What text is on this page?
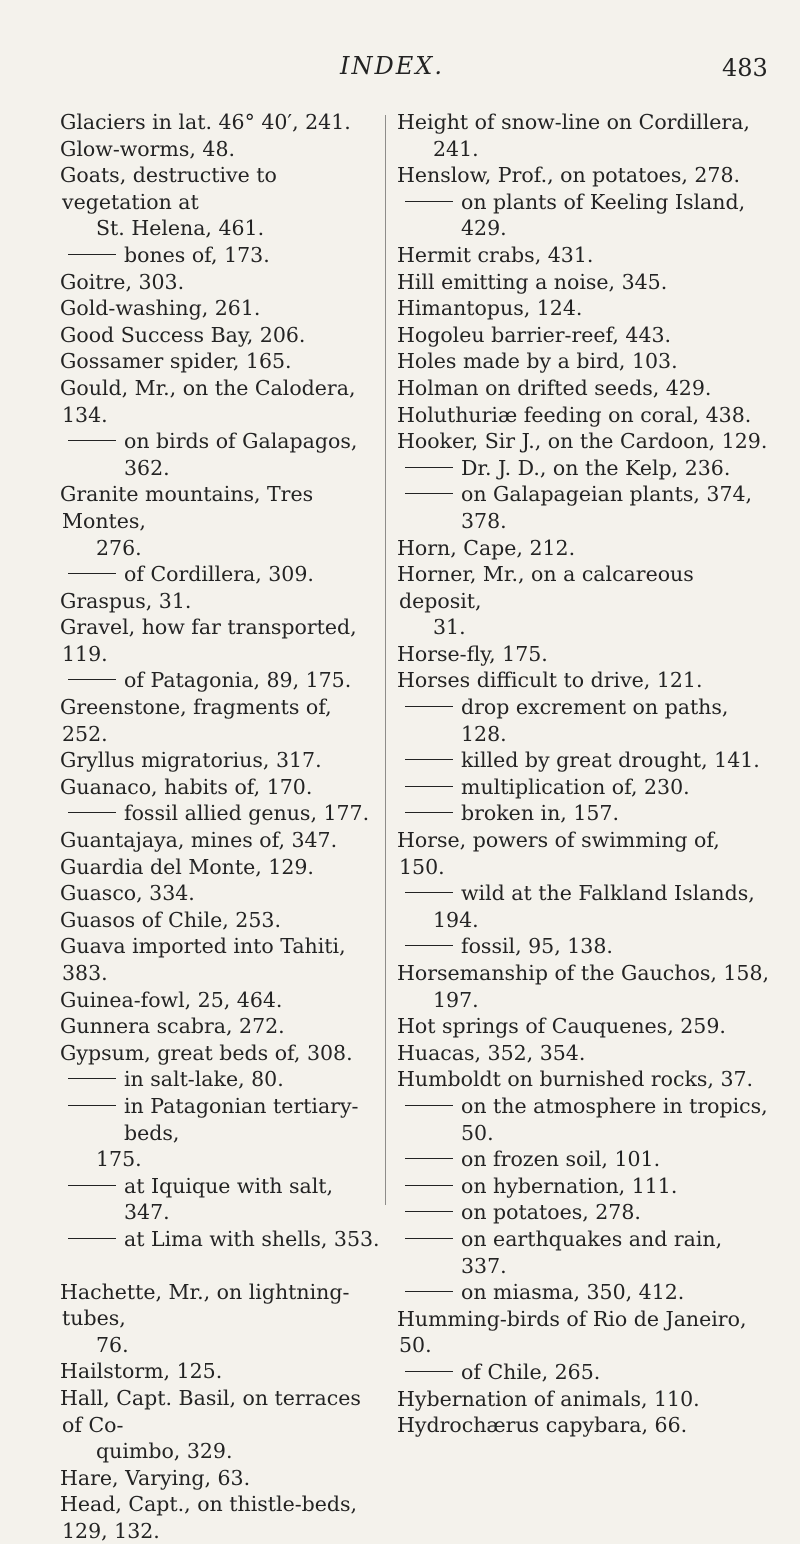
INDEX.	483
Glaciers in lat. 46° 40′, 241.
Glow-worms, 48.
Goats, destructive to vegetation at
St. Helena, 461.
bones of, 173.
Goitre, 303.
Gold-washing, 261.
Good Success Bay, 206.
Gossamer spider, 165.
Gould, Mr., on the Calodera, 134.
on birds of Galapagos, 362.
Granite mountains, Tres Montes,
276.
of Cordillera, 309.
Graspus, 31.
Gravel, how far transported, 119.
of Patagonia, 89, 175.
Greenstone, fragments of, 252.
Gryllus migratorius, 317.
Guanaco, habits of, 170.
fossil allied genus, 177.
Guantajaya, mines of, 347.
Guardia del Monte, 129.
Guasco, 334.
Guasos of Chile, 253.
Guava imported into Tahiti, 383.
Guinea-fowl, 25, 464.
Gunnera scabra, 272.
Gypsum, great beds of, 308.
in salt-lake, 80.
in Patagonian tertiary-beds,
175.
at Iquique with salt, 347.
at Lima with shells, 353.
Hachette, Mr., on lightning-tubes,
76.
Hailstorm, 125.
Hall, Capt. Basil, on terraces of Co-
quimbo, 329.
Hare, Varying, 63.
Head, Capt., on thistle-beds, 129, 132.
Height of snow-line on Cordillera,
241.
Henslow, Prof., on potatoes, 278.
on plants of Keeling Island, 429.
Hermit crabs, 431.
Hill emitting a noise, 345.
Himantopus, 124.
Hogoleu barrier-reef, 443.
Holes made by a bird, 103.
Holman on drifted seeds, 429.
Holuthuriæ feeding on coral, 438.
Hooker, Sir J., on the Cardoon, 129.
Dr. J. D., on the Kelp, 236.
on Galapageian plants, 374, 378.
Horn, Cape, 212.
Horner, Mr., on a calcareous deposit,
31.
Horse-fly, 175.
Horses difficult to drive, 121.
drop excrement on paths, 128.
killed by great drought, 141.
multiplication of, 230.
broken in, 157.
Horse, powers of swimming of, 150.
wild at the Falkland Islands,
194.
fossil, 95, 138.
Horsemanship of the Gauchos, 158,
197.
Hot springs of Cauquenes, 259.
Huacas, 352, 354.
Humboldt on burnished rocks, 37.
on the atmosphere in tropics, 50.
on frozen soil, 101.
on hybernation, 111.
on potatoes, 278.
on earthquakes and rain, 337.
on miasma, 350, 412.
Humming-birds of Rio de Janeiro, 50.
of Chile, 265.
Hybernation of animals, 110.
Hydrochærus capybara, 66.
